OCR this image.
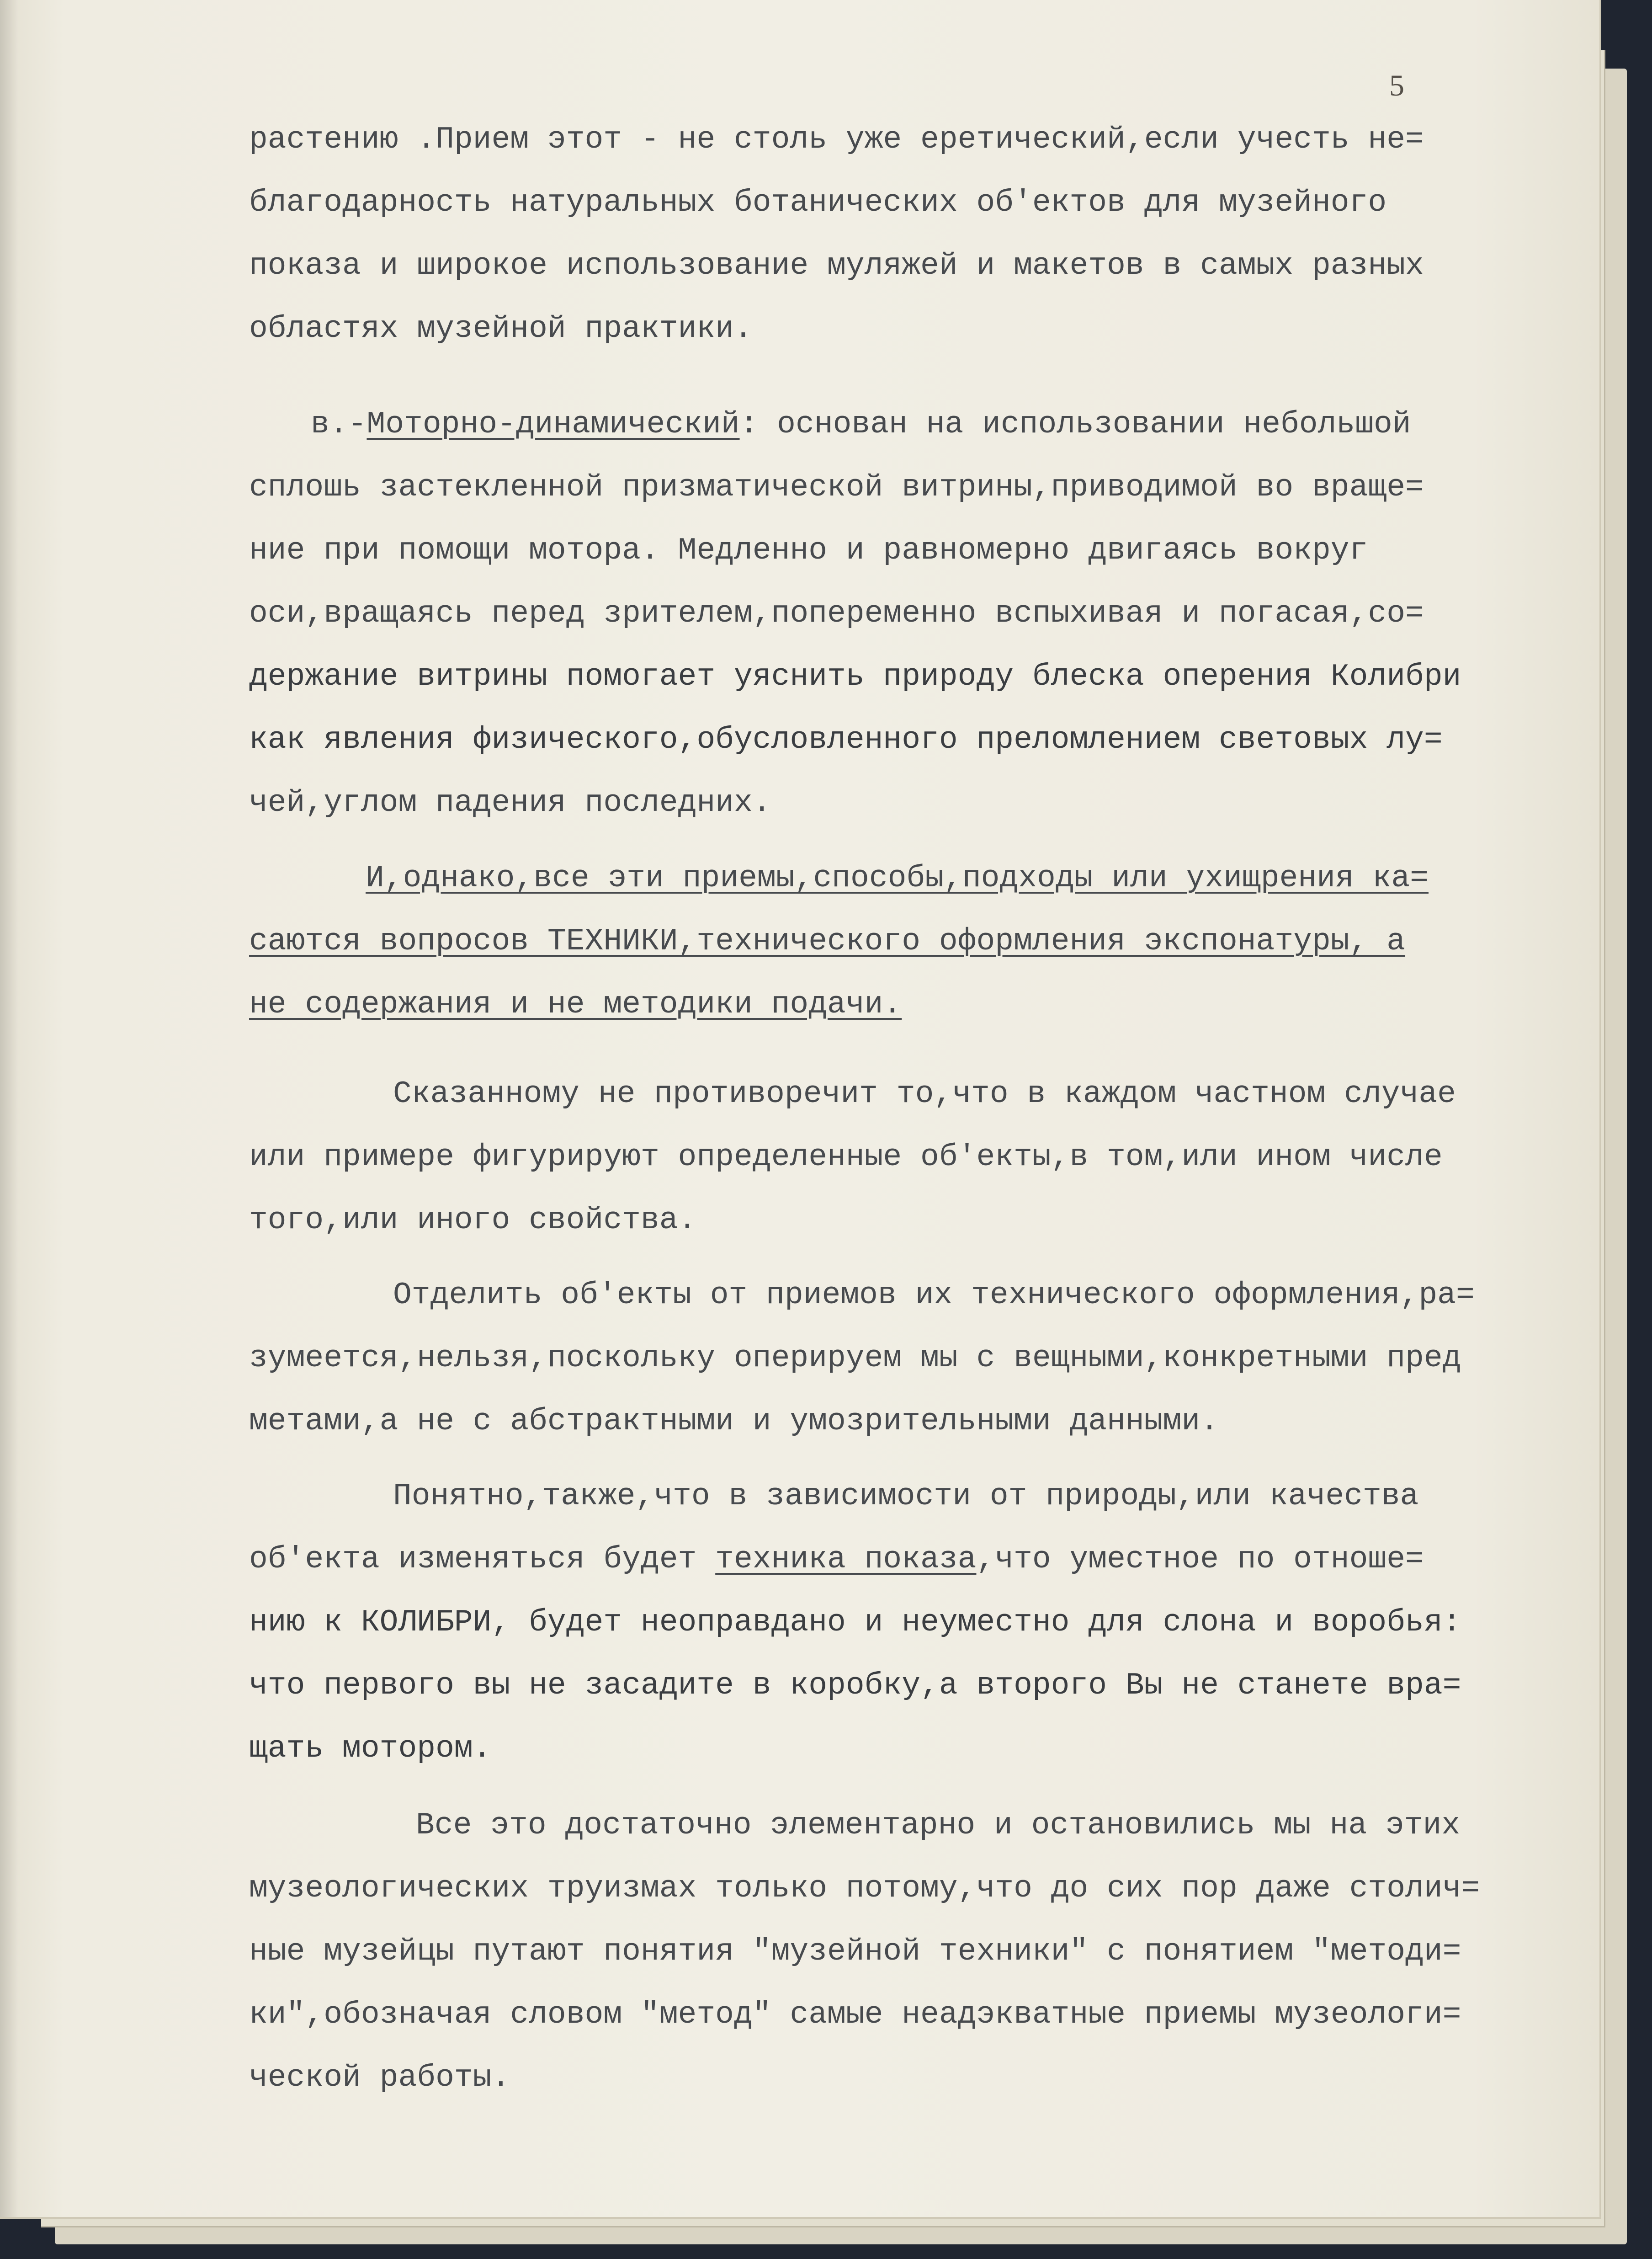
5
растению .Прием этот - не столь уже еретический,если учесть не=
благодарность натуральных ботанических об'ектов для музейного
показа и широкое использование муляжей и макетов в самых разных
областях музейной практики.
в.-Моторно-динамический: основан на использовании небольшой
сплошь застекленной призматической витрины,приводимой во враще=
ние при помощи мотора. Медленно и равномерно двигаясь вокруг
оси,вращаясь перед зрителем,попеременно вспыхивая и погасая,со=
держание витрины помогает уяснить природу блеска оперения Колибри
как явления физического,обусловленного преломлением световых лу=
чей,углом падения последних.
И,однако,все эти приемы,способы,подходы или ухищрения ка=
саются вопросов ТЕХНИКИ,технического оформления экспонатуры, а
не содержания и не методики подачи.
Сказанному не противоречит то,что в каждом частном случае
или примере фигурируют определенные об'екты,в том,или ином числе
того,или иного свойства.
Отделить об'екты от приемов их технического оформления,ра=
зумеется,нельзя,поскольку оперируем мы с вещными,конкретными пред
метами,а не с абстрактными и умозрительными данными.
Понятно,также,что в зависимости от природы,или качества
об'екта изменяться будет техника показа,что уместное по отноше=
нию к КОЛИБРИ, будет неоправдано и неуместно для слона и воробья:
что первого вы не засадите в коробку,а второго Вы не станете вра=
щать мотором.
Все это достаточно элементарно и остановились мы на этих
музеологических труизмах только потому,что до сих пор даже столич=
ные музейцы путают понятия "музейной техники" с понятием "методи=
ки",обозначая словом "метод" самые неадэкватные приемы музеологи=
ческой работы.
